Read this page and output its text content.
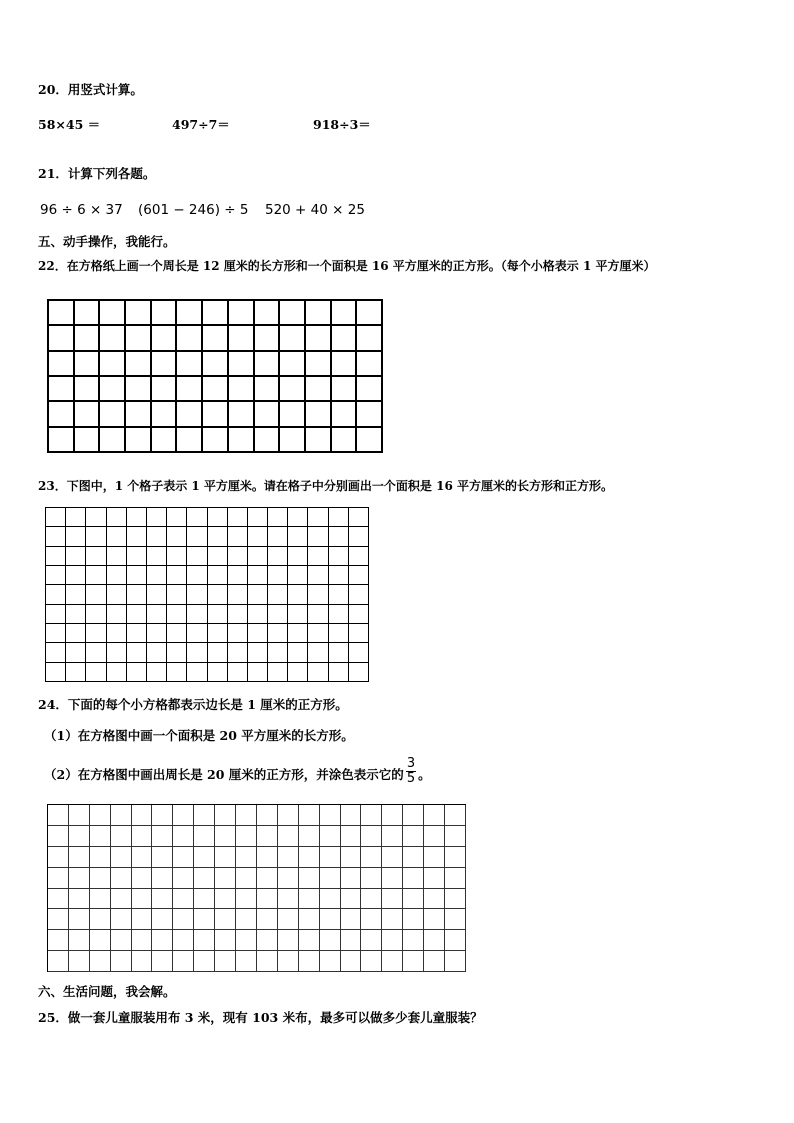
20．用竖式计算。
58×45 ＝	497÷7＝	918÷3＝
21．计算下列各题。
96 ÷ 6 × 37 (601 − 246) ÷ 5 520 + 40 × 25
五、动手操作，我能行。
22．在方格纸上画一个周长是 12 厘米的长方形和一个面积是 16 平方厘米的正方形。（每个小格表示 1 平方厘米）
23．下图中，1 个格子表示 1 平方厘米。请在格子中分别画出一个面积是 16 平方厘米的长方形和正方形。
24．下面的每个小方格都表示边长是 1 厘米的正方形。
（1）在方格图中画一个面积是 20 平方厘米的长方形。
（2）在方格图中画出周长是 20 厘米的正方形，并涂色表示它的 $\frac{3}{5}$ 。
六、生活问题，我会解。
25．做一套儿童服装用布 3 米，现有 103 米布，最多可以做多少套儿童服装？
